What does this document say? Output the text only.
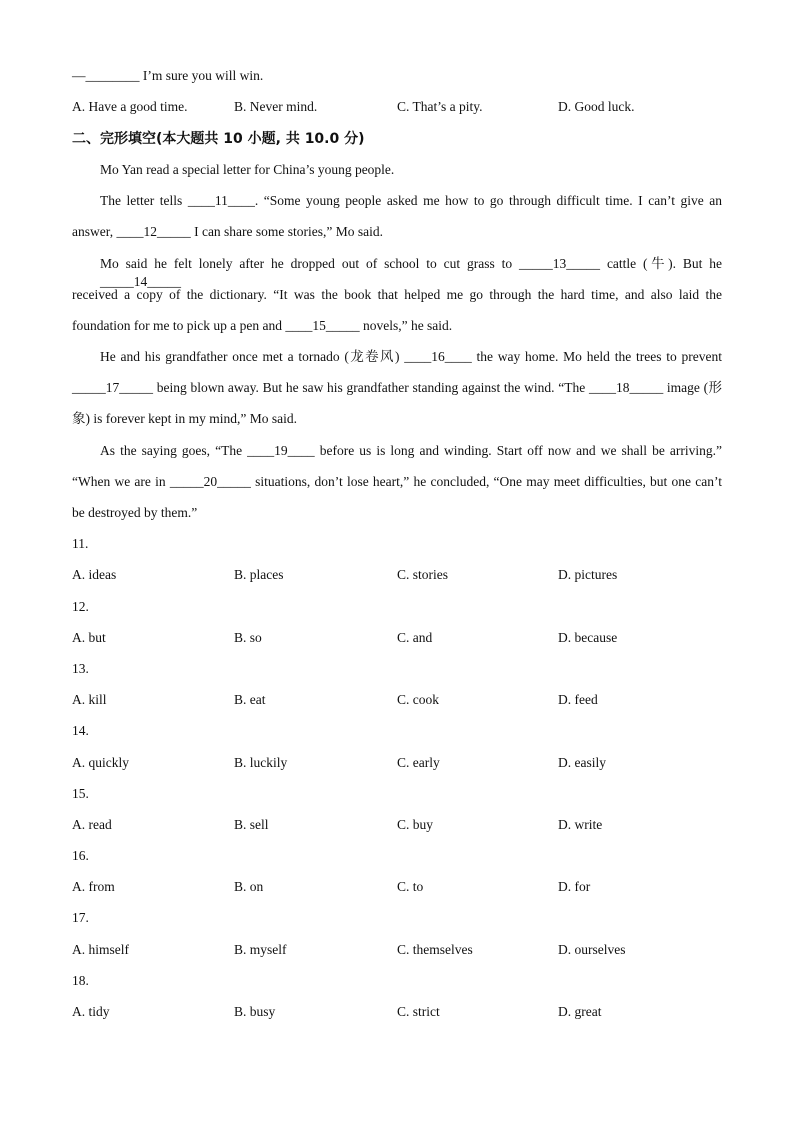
—________ I’m sure you will win.
A. Have a good time.	B. Never mind.	C. That’s a pity.	D. Good luck.
二、完形填空(本大题共 10 小题, 共 10.0 分)
Mo Yan read a special letter for China’s young people.
The letter tells ____11____. “Some young people asked me how to go through difficult time. I can’t give an
answer, ____12_____ I can share some stories,” Mo said.
Mo said he felt lonely after he dropped out of school to cut grass to _____13_____ cattle (牛). But he _____14_____
received a copy of the dictionary. “It was the book that helped me go through the hard time, and also laid the
foundation for me to pick up a pen and ____15_____ novels,” he said.
He and his grandfather once met a tornado (龙卷风) ____16____ the way home. Mo held the trees to prevent
_____17_____ being blown away. But he saw his grandfather standing against the wind. “The ____18_____ image (形
象) is forever kept in my mind,” Mo said.
As the saying goes, “The ____19____ before us is long and winding. Start off now and we shall be arriving.”
“When we are in _____20_____ situations, don’t lose heart,” he concluded, “One may meet difficulties, but one can’t
be destroyed by them.”
11.
A. ideas	B. places	C. stories	D. pictures
12.
A. but	B. so	C. and	D. because
13.
A. kill	B. eat	C. cook	D. feed
14.
A. quickly	B. luckily	C. early	D. easily
15.
A. read	B. sell	C. buy	D. write
16.
A. from	B. on	C. to	D. for
17.
A. himself	B. myself	C. themselves	D. ourselves
18.
A. tidy	B. busy	C. strict	D. great
